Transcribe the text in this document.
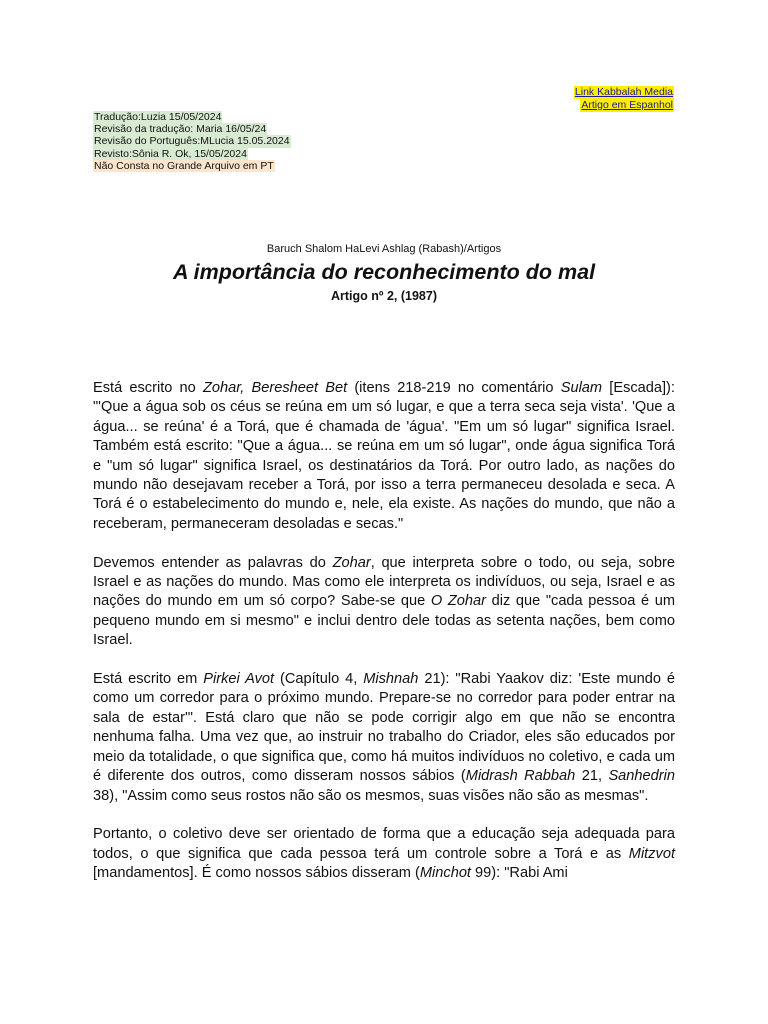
Link Kabbalah Media
Artigo em Espanhol
Tradução:Luzia 15/05/2024
Revisão da tradução: Maria 16/05/24
Revisão do Português:MLucia 15.05.2024
Revisto:Sônia R. Ok, 15/05/2024
Não Consta no Grande Arquivo em PT

Baruch Shalom HaLevi Ashlag (Rabash)/Artigos

A importância do reconhecimento do mal

Artigo nº 2, (1987)

Está escrito no Zohar, Beresheet Bet (itens 218-219 no comentário Sulam [Escada]): "'Que a água sob os céus se reúna em um só lugar, e que a terra seca seja vista'. 'Que a água... se reúna' é a Torá, que é chamada de 'água'. "Em um só lugar" significa Israel. Também está escrito: "Que a água... se reúna em um só lugar", onde água significa Torá e "um só lugar" significa Israel, os destinatários da Torá. Por outro lado, as nações do mundo não desejavam receber a Torá, por isso a terra permaneceu desolada e seca. A Torá é o estabelecimento do mundo e, nele, ela existe. As nações do mundo, que não a receberam, permaneceram desoladas e secas."

Devemos entender as palavras do Zohar, que interpreta sobre o todo, ou seja, sobre Israel e as nações do mundo. Mas como ele interpreta os indivíduos, ou seja, Israel e as nações do mundo em um só corpo? Sabe-se que O Zohar diz que "cada pessoa é um pequeno mundo em si mesmo" e inclui dentro dele todas as setenta nações, bem como Israel.

Está escrito em Pirkei Avot (Capítulo 4, Mishnah 21): "Rabi Yaakov diz: 'Este mundo é como um corredor para o próximo mundo. Prepare-se no corredor para poder entrar na sala de estar'". Está claro que não se pode corrigir algo em que não se encontra nenhuma falha. Uma vez que, ao instruir no trabalho do Criador, eles são educados por meio da totalidade, o que significa que, como há muitos indivíduos no coletivo, e cada um é diferente dos outros, como disseram nossos sábios (Midrash Rabbah 21, Sanhedrin 38), "Assim como seus rostos não são os mesmos, suas visões não são as mesmas".

Portanto, o coletivo deve ser orientado de forma que a educação seja adequada para todos, o que significa que cada pessoa terá um controle sobre a Torá e as Mitzvot [mandamentos]. É como nossos sábios disseram (Minchot 99): "Rabi Ami
